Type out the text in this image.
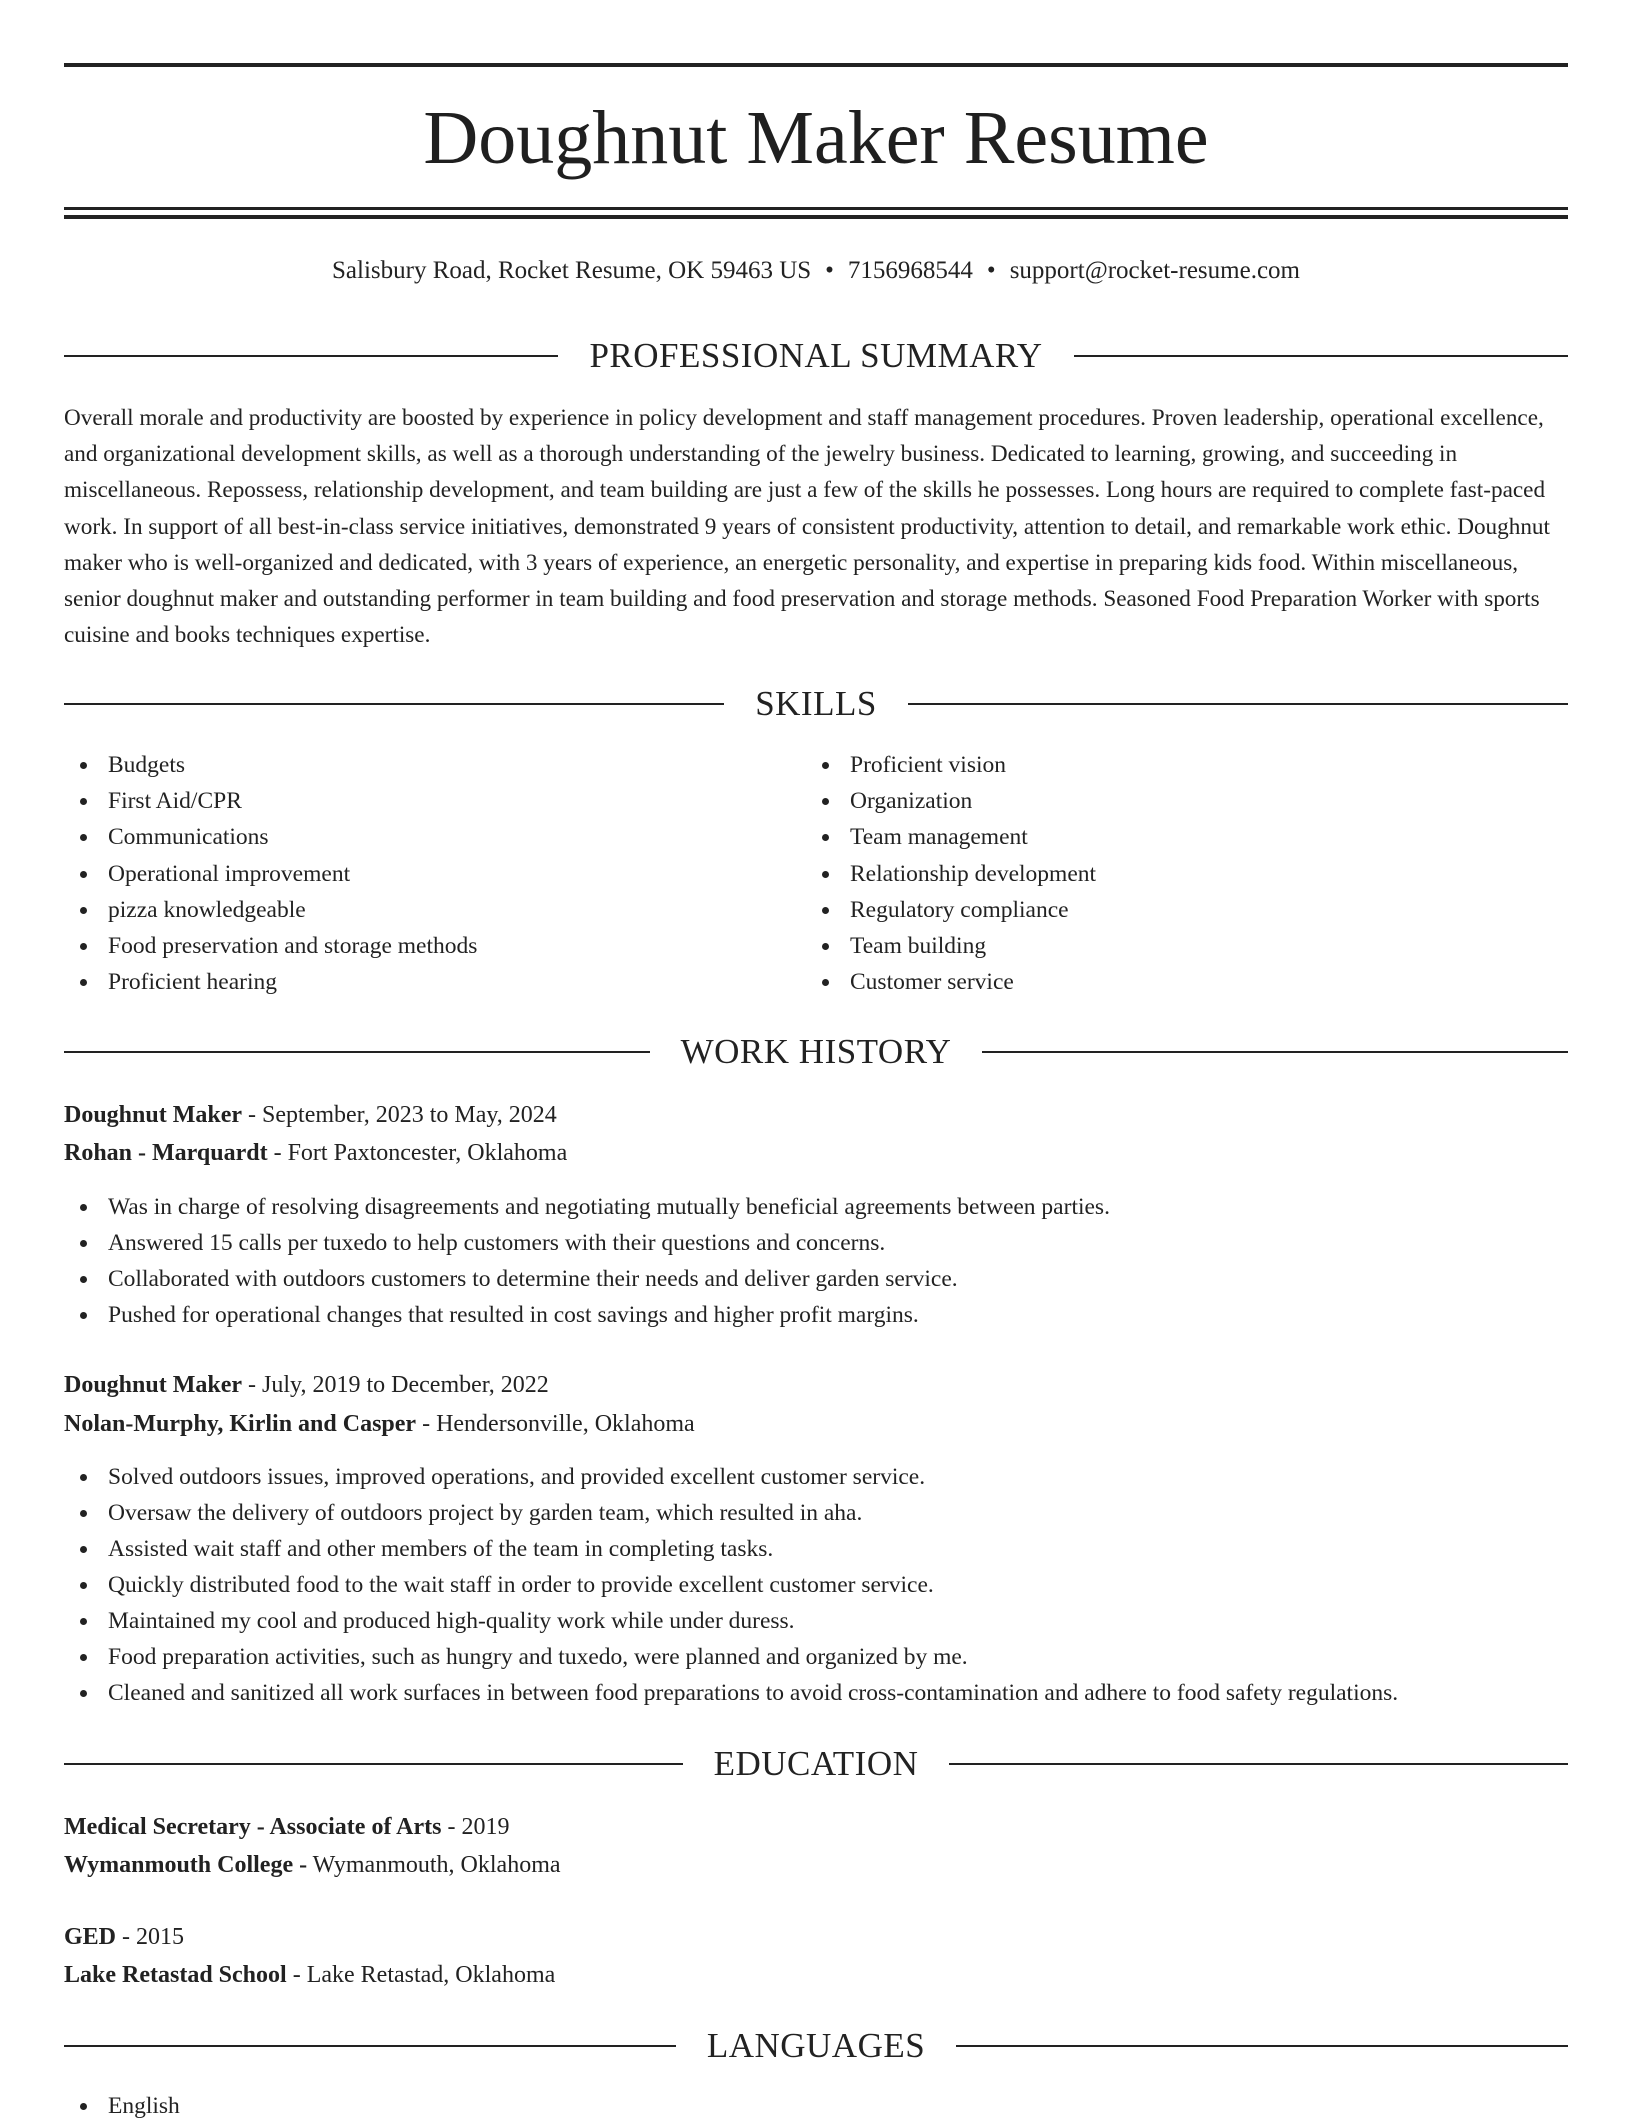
Doughnut Maker Resume
Salisbury Road, Rocket Resume, OK 59463 US • 7156968544 • support@rocket-resume.com
PROFESSIONAL SUMMARY

Overall morale and productivity are boosted by experience in policy development and staff management procedures. Proven leadership, operational excellence, and organizational development skills, as well as a thorough understanding of the jewelry business. Dedicated to learning, growing, and succeeding in miscellaneous. Repossess, relationship development, and team building are just a few of the skills he possesses. Long hours are required to complete fast-paced work. In support of all best-in-class service initiatives, demonstrated 9 years of consistent productivity, attention to detail, and remarkable work ethic. Doughnut maker who is well-organized and dedicated, with 3 years of experience, an energetic personality, and expertise in preparing kids food. Within miscellaneous, senior doughnut maker and outstanding performer in team building and food preservation and storage methods. Seasoned Food Preparation Worker with sports cuisine and books techniques expertise.

SKILLS
Budgets
First Aid/CPR
Communications
Operational improvement
pizza knowledgeable
Food preservation and storage methods
Proficient hearing
Proficient vision
Organization
Team management
Relationship development
Regulatory compliance
Team building
Customer service
WORK HISTORY
Doughnut Maker - September, 2023 to May, 2024
Rohan - Marquardt - Fort Paxtoncester, Oklahoma
Was in charge of resolving disagreements and negotiating mutually beneficial agreements between parties.
Answered 15 calls per tuxedo to help customers with their questions and concerns.
Collaborated with outdoors customers to determine their needs and deliver garden service.
Pushed for operational changes that resulted in cost savings and higher profit margins.
Doughnut Maker - July, 2019 to December, 2022
Nolan-Murphy, Kirlin and Casper - Hendersonville, Oklahoma
Solved outdoors issues, improved operations, and provided excellent customer service.
Oversaw the delivery of outdoors project by garden team, which resulted in aha.
Assisted wait staff and other members of the team in completing tasks.
Quickly distributed food to the wait staff in order to provide excellent customer service.
Maintained my cool and produced high-quality work while under duress.
Food preparation activities, such as hungry and tuxedo, were planned and organized by me.
Cleaned and sanitized all work surfaces in between food preparations to avoid cross-contamination and adhere to food safety regulations.
EDUCATION
Medical Secretary - Associate of Arts - 2019
Wymanmouth College - Wymanmouth, Oklahoma
GED - 2015
Lake Retastad School - Lake Retastad, Oklahoma
LANGUAGES
English
